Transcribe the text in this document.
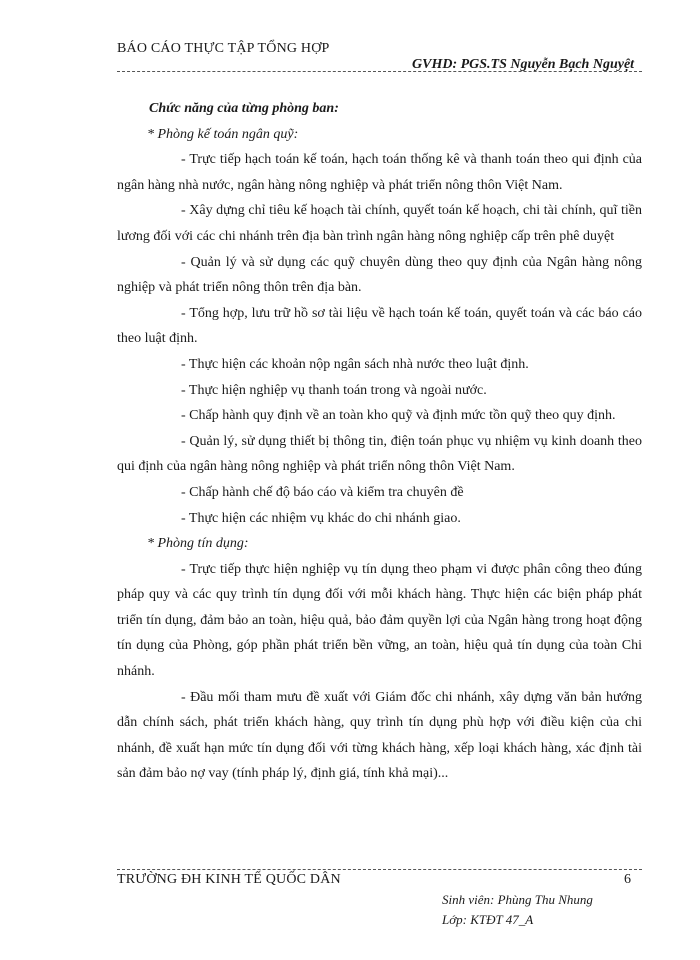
BÁO CÁO THỰC TẬP TỔNG HỢP
GVHD: PGS.TS Nguyễn Bạch Nguyệt

Chức năng của từng phòng ban:

* Phòng kế toán ngân quỹ:

- Trực tiếp hạch toán kế toán, hạch toán thống kê và thanh toán theo qui định của ngân hàng nhà nước, ngân hàng nông nghiệp và phát triển nông thôn Việt Nam.

- Xây dựng chỉ tiêu kế hoạch tài chính, quyết toán kế hoạch, chi tài chính, quĩ tiền lương đối với các chi nhánh trên địa bàn trình ngân hàng nông nghiệp cấp trên phê duyệt

- Quản lý và sử dụng các quỹ chuyên dùng theo quy định của Ngân hàng nông nghiệp và phát triển nông thôn trên địa bàn.

- Tổng hợp, lưu trữ hồ sơ tài liệu về hạch toán kế toán, quyết toán và các báo cáo theo luật định.

- Thực hiện các khoản nộp ngân sách nhà nước theo luật định.

- Thực hiện nghiệp vụ thanh toán trong và ngoài nước.

- Chấp hành quy định về an toàn kho quỹ và định mức tồn quỹ theo quy định.

- Quản lý, sử dụng thiết bị thông tin, điện toán phục vụ nhiệm vụ kinh doanh theo qui định của ngân hàng nông nghiệp và phát triển nông thôn Việt Nam.

- Chấp hành chế độ báo cáo và kiểm tra chuyên đề

- Thực hiện các nhiệm vụ khác do chi nhánh giao.

* Phòng tín dụng:

- Trực tiếp thực hiện nghiệp vụ tín dụng theo phạm vi được phân công theo đúng pháp quy và các quy trình tín dụng đối với mỗi khách hàng. Thực hiện các biện pháp phát triển tín dụng, đảm bảo an toàn, hiệu quả, bảo đảm quyền lợi của Ngân hàng trong hoạt động tín dụng của Phòng, góp phần phát triển bền vững, an toàn, hiệu quả tín dụng của toàn Chi nhánh.

- Đầu mối tham mưu đề xuất với Giám đốc chi nhánh, xây dựng văn bản hướng dẫn chính sách, phát triển khách hàng, quy trình tín dụng phù hợp với điều kiện của chi nhánh, đề xuất hạn mức tín dụng đối với từng khách hàng, xếp loại khách hàng, xác định tài sản đảm bảo nợ vay (tính pháp lý, định giá, tính khả mại)...

TRƯỜNG ĐH KINH TẾ QUỐC DÂN	6
Sinh viên: Phùng Thu Nhung
Lớp: KTĐT 47_A
